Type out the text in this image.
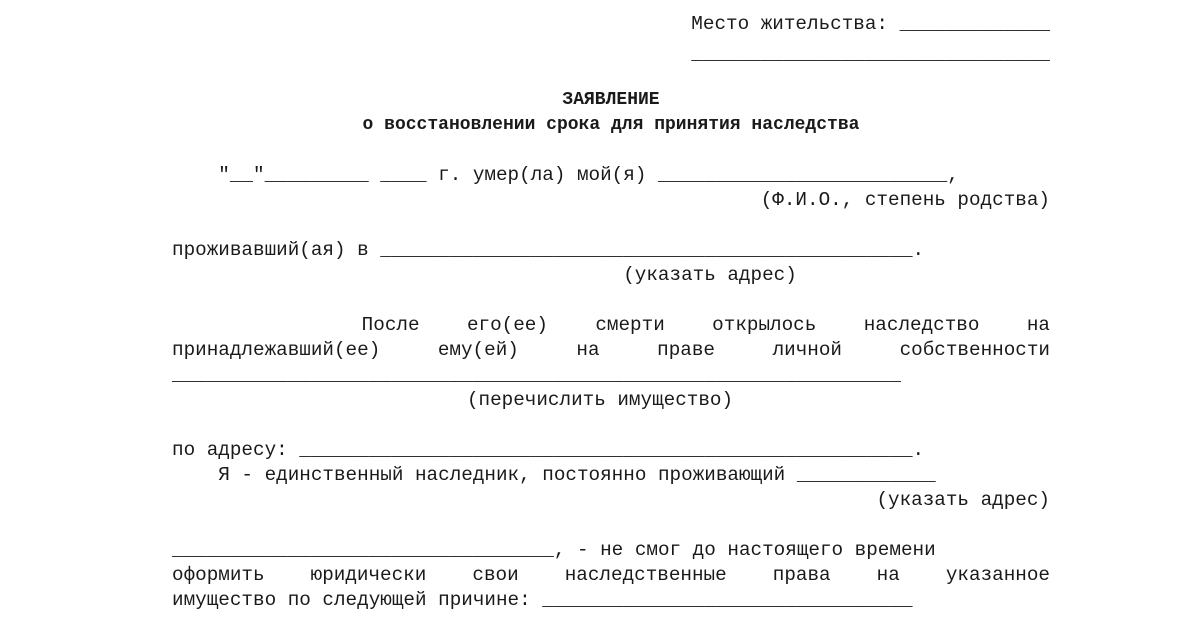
Место жительства: _____________
_______________________________
ЗАЯВЛЕНИЕ
о восстановлении срока для принятия наследства
"__"_________ ____ г. умер(ла) мой(я) _________________________,
(Ф.И.О., степень родства)
проживавший(ая) в ______________________________________________.
(указать адрес)
После его(ее) смерти открылось наследство на
принадлежавший(ее) ему(ей) на праве личной собственности
_______________________________________________________________
(перечислить имущество)
по адресу: _____________________________________________________.
Я - единственный наследник, постоянно проживающий ____________
(указать адрес)
_________________________________, - не смог до настоящего времени
оформить юридически свои наследственные права на указанное
имущество по следующей причине: ________________________________
